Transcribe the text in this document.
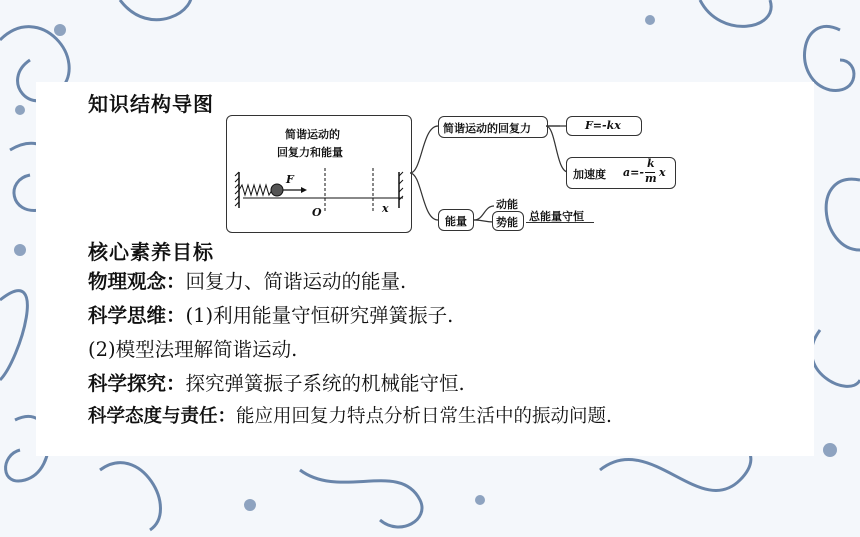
知识结构导图
简谐运动的
回复力和能量
F
O	x
简谐运动的回复力	F=-kx
加速度 a=-
k
m x
能量
动能
势能 总能量守恒
核心素养目标
物理观念：回复力、简谐运动的能量.
科学思维：(1)利用能量守恒研究弹簧振子.
(2)模型法理解简谐运动.
科学探究：探究弹簧振子系统的机械能守恒.
科学态度与责任：能应用回复力特点分析日常生活中的振动问题.
